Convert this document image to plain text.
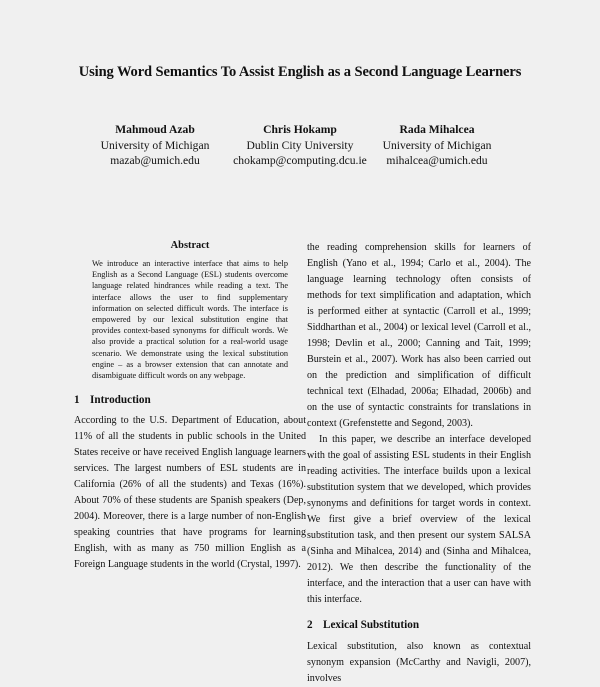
Using Word Semantics To Assist English as a Second Language Learners
Mahmoud Azab
University of Michigan
mazab@umich.edu
Chris Hokamp
Dublin City University
chokamp@computing.dcu.ie
Rada Mihalcea
University of Michigan
mihalcea@umich.edu
Abstract

We introduce an interactive interface that aims to help English as a Second Language (ESL) students overcome language related hindrances while reading a text. The interface allows the user to find supplementary information on selected difficult words. The interface is empowered by our lexical substitution engine that provides context-based synonyms for difficult words. We also provide a practical solution for a real-world usage scenario. We demonstrate using the lexical substitution engine – as a browser extension that can annotate and disambiguate difficult words on any webpage.

1 Introduction

According to the U.S. Department of Education, about 11% of all the students in public schools in the United States receive or have received English language learners services. The largest numbers of ESL students are in California (26% of all the students) and Texas (16%). About 70% of these students are Spanish speakers (Dep, 2004). Moreover, there is a large number of non-English speaking countries that have programs for learning English, with as many as 750 million English as a Foreign Language students in the world (Crystal, 1997).

the reading comprehension skills for learners of English (Yano et al., 1994; Carlo et al., 2004). The language learning technology often consists of methods for text simplification and adaptation, which is performed either at syntactic (Carroll et al., 1999; Siddharthan et al., 2004) or lexical level (Carroll et al., 1998; Devlin et al., 2000; Canning and Tait, 1999; Burstein et al., 2007). Work has also been carried out on the prediction and simplification of difficult technical text (Elhadad, 2006a; Elhadad, 2006b) and on the use of syntactic constraints for translations in context (Grefenstette and Segond, 2003).

In this paper, we describe an interface developed with the goal of assisting ESL students in their English reading activities. The interface builds upon a lexical substitution system that we developed, which provides synonyms and definitions for target words in context. We first give a brief overview of the lexical substitution task, and then present our system SALSA (Sinha and Mihalcea, 2014) and (Sinha and Mihalcea, 2012). We then describe the functionality of the interface, and the interaction that a user can have with this interface.

2 Lexical Substitution

Lexical substitution, also known as contextual synonym expansion (McCarthy and Navigli, 2007), involves
